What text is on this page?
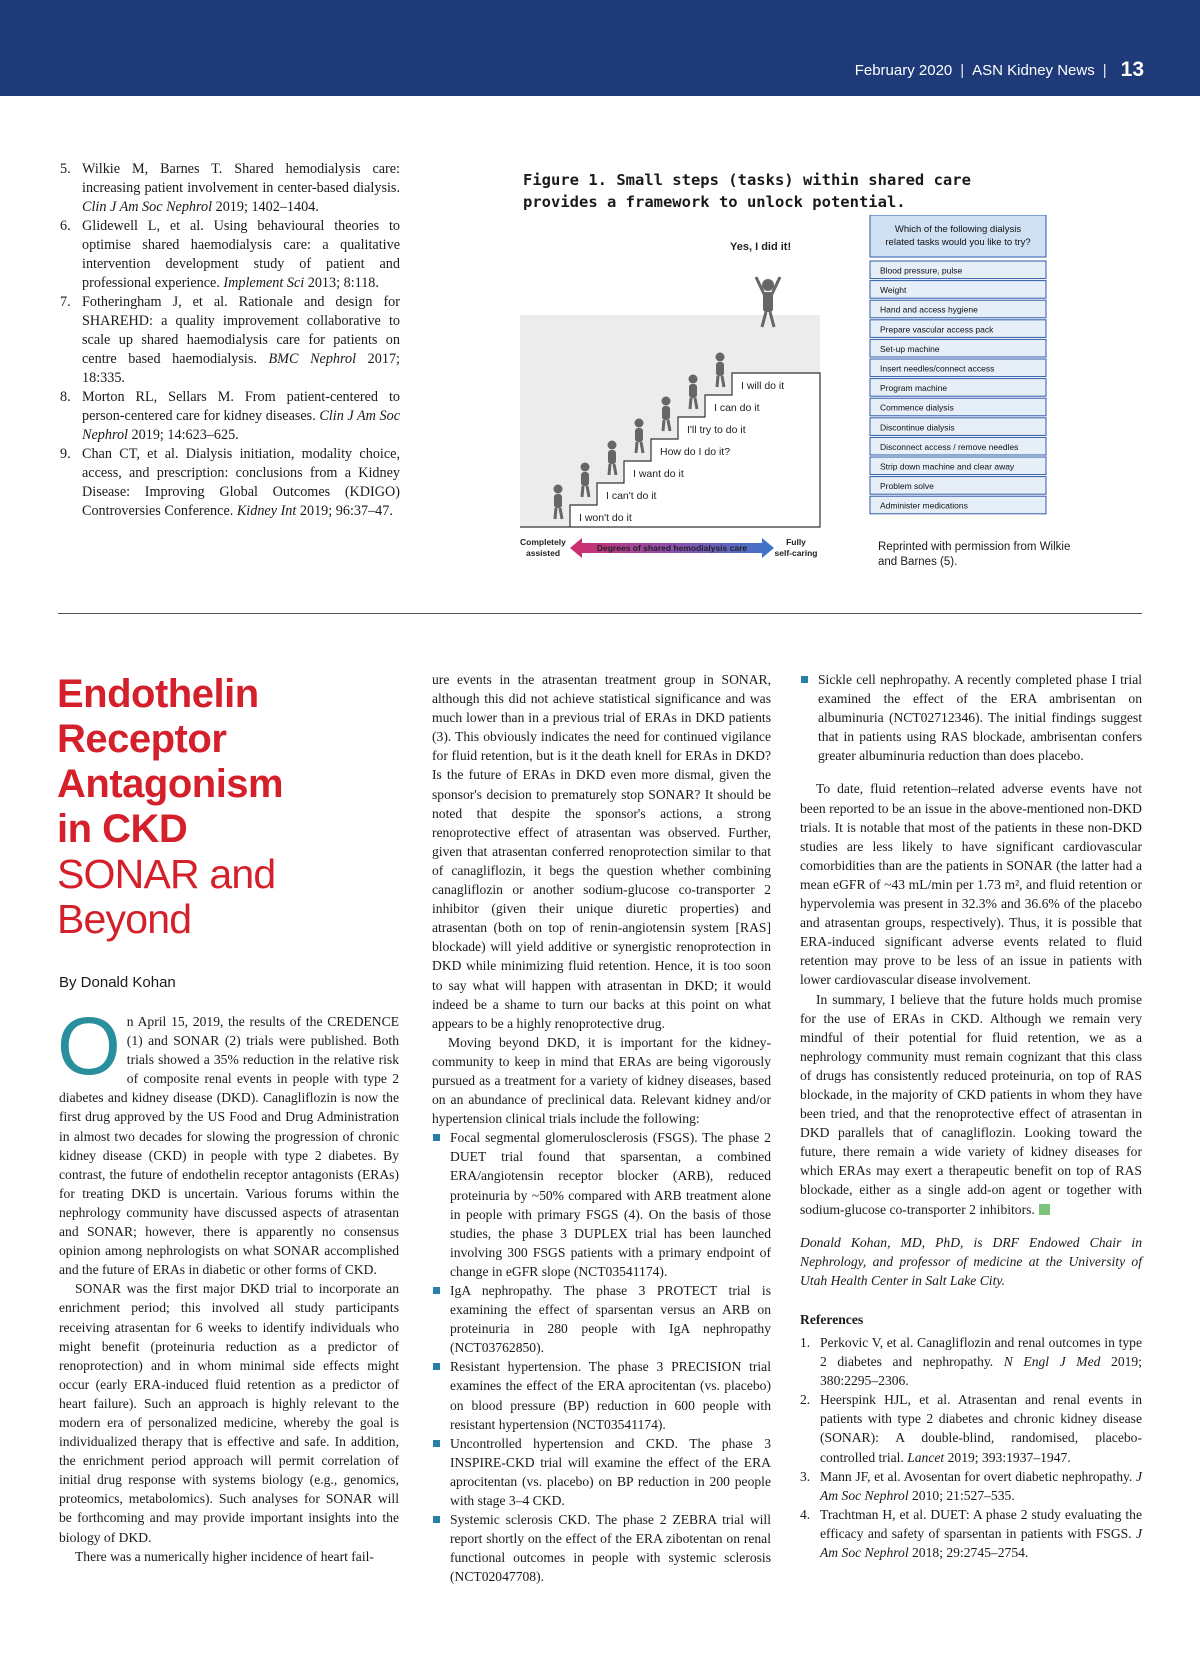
February 2020 | ASN Kidney News | 13
5. Wilkie M, Barnes T. Shared hemodialysis care: increasing patient involvement in center-based dialysis. Clin J Am Soc Nephrol 2019; 1402–1404.
6. Glidewell L, et al. Using behavioural theories to optimise shared haemodialysis care: a qualitative intervention development study of patient and professional experience. Implement Sci 2013; 8:118.
7. Fotheringham J, et al. Rationale and design for SHAREHD: a quality improvement collaborative to scale up shared haemodialysis care for patients on centre based haemodialysis. BMC Nephrol 2017; 18:335.
8. Morton RL, Sellars M. From patient-centered to person-centered care for kidney diseases. Clin J Am Soc Nephrol 2019; 14:623–625.
9. Chan CT, et al. Dialysis initiation, modality choice, access, and prescription: conclusions from a Kidney Disease: Improving Global Outcomes (KDIGO) Controversies Conference. Kidney Int 2019; 96:37–47.
Figure 1. Small steps (tasks) within shared care provides a framework to unlock potential.
I won't do it
I can't do it
I want do it
How do I do it?
I'll try to do it
I can do it
I will do it
Yes, I did it!
Completely
assisted	Degrees of shared hemodialysis care
Fully
self-caring
Which of the following dialysis
related tasks would you like to try?
Blood pressure, pulse
Weight
Hand and access hygiene
Prepare vascular access pack
Set-up machine
Insert needles/connect access
Program machine
Commence dialysis
Discontinue dialysis
Disconnect access / remove needles
Strip down machine and clear away
Problem solve
Administer medications
Reprinted with permission from Wilkie and Barnes (5).
Endothelin
Receptor
Antagonism
in CKD
SONAR and
Beyond
By Donald Kohan

On April 15, 2019, the results of the CREDENCE (1) and SONAR (2) trials were published. Both trials showed a 35% reduction in the relative risk of composite renal events in people with type 2 diabetes and kidney disease (DKD). Canagliflozin is now the first drug approved by the US Food and Drug Administration in almost two decades for slowing the progression of chronic kidney disease (CKD) in people with type 2 diabetes. By contrast, the future of endothelin receptor antagonists (ERAs) for treating DKD is uncertain. Various forums within the nephrology community have discussed aspects of atrasentan and SONAR; however, there is apparently no consensus opinion among nephrologists on what SONAR accomplished and the future of ERAs in diabetic or other forms of CKD.

SONAR was the first major DKD trial to incorporate an enrichment period; this involved all study participants receiving atrasentan for 6 weeks to identify individuals who might benefit (proteinuria reduction as a predictor of renoprotection) and in whom minimal side effects might occur (early ERA-induced fluid retention as a predictor of heart failure). Such an approach is highly relevant to the modern era of personalized medicine, whereby the goal is individualized therapy that is effective and safe. In addition, the enrichment period approach will permit correlation of initial drug response with systems biology (e.g., genomics, proteomics, metabolomics). Such analyses for SONAR will be forthcoming and may provide important insights into the biology of DKD.

There was a numerically higher incidence of heart fail-

ure events in the atrasentan treatment group in SONAR, although this did not achieve statistical significance and was much lower than in a previous trial of ERAs in DKD patients (3). This obviously indicates the need for continued vigilance for fluid retention, but is it the death knell for ERAs in DKD? Is the future of ERAs in DKD even more dismal, given the sponsor's decision to prematurely stop SONAR? It should be noted that despite the sponsor's actions, a strong renoprotective effect of atrasentan was observed. Further, given that atrasentan conferred renoprotection similar to that of canagliflozin, it begs the question whether combining canagliflozin or another sodium-glucose co-transporter 2 inhibitor (given their unique diuretic properties) and atrasentan (both on top of renin-angiotensin system [RAS] blockade) will yield additive or synergistic renoprotection in DKD while minimizing fluid retention. Hence, it is too soon to say what will happen with atrasentan in DKD; it would indeed be a shame to turn our backs at this point on what appears to be a highly renoprotective drug.

Moving beyond DKD, it is important for the kidney-community to keep in mind that ERAs are being vigorously pursued as a treatment for a variety of kidney diseases, based on an abundance of preclinical data. Relevant kidney and/or hypertension clinical trials include the following:

Focal segmental glomerulosclerosis (FSGS). The phase 2 DUET trial found that sparsentan, a combined ERA/angiotensin receptor blocker (ARB), reduced proteinuria by ~50% compared with ARB treatment alone in people with primary FSGS (4). On the basis of those studies, the phase 3 DUPLEX trial has been launched involving 300 FSGS patients with a primary endpoint of change in eGFR slope (NCT03541174).
IgA nephropathy. The phase 3 PROTECT trial is examining the effect of sparsentan versus an ARB on proteinuria in 280 people with IgA nephropathy (NCT03762850).
Resistant hypertension. The phase 3 PRECISION trial examines the effect of the ERA aprocitentan (vs. placebo) on blood pressure (BP) reduction in 600 people with resistant hypertension (NCT03541174).
Uncontrolled hypertension and CKD. The phase 3 INSPIRE-CKD trial will examine the effect of the ERA aprocitentan (vs. placebo) on BP reduction in 200 people with stage 3–4 CKD.
Systemic sclerosis CKD. The phase 2 ZEBRA trial will report shortly on the effect of the ERA zibotentan on renal functional outcomes in people with systemic sclerosis (NCT02047708).
Sickle cell nephropathy. A recently completed phase I trial examined the effect of the ERA ambrisentan on albuminuria (NCT02712346). The initial findings suggest that in patients using RAS blockade, ambrisentan confers greater albuminuria reduction than does placebo.

To date, fluid retention–related adverse events have not been reported to be an issue in the above-mentioned non-DKD trials. It is notable that most of the patients in these non-DKD studies are less likely to have significant cardiovascular comorbidities than are the patients in SONAR (the latter had a mean eGFR of ~43 mL/min per 1.73 m², and fluid retention or hypervolemia was present in 32.3% and 36.6% of the placebo and atrasentan groups, respectively). Thus, it is possible that ERA-induced significant adverse events related to fluid retention may prove to be less of an issue in patients with lower cardiovascular disease involvement.

In summary, I believe that the future holds much promise for the use of ERAs in CKD. Although we remain very mindful of their potential for fluid retention, we as a nephrology community must remain cognizant that this class of drugs has consistently reduced proteinuria, on top of RAS blockade, in the majority of CKD patients in whom they have been tried, and that the renoprotective effect of atrasentan in DKD parallels that of canagliflozin. Looking toward the future, there remain a wide variety of kidney diseases for which ERAs may exert a therapeutic benefit on top of RAS blockade, either as a single add-on agent or together with sodium-glucose co-transporter 2 inhibitors.

Donald Kohan, MD, PhD, is DRF Endowed Chair in Nephrology, and professor of medicine at the University of Utah Health Center in Salt Lake City.

References
1. Perkovic V, et al. Canagliflozin and renal outcomes in type 2 diabetes and nephropathy. N Engl J Med 2019; 380:2295–2306.
2. Heerspink HJL, et al. Atrasentan and renal events in patients with type 2 diabetes and chronic kidney disease (SONAR): A double-blind, randomised, placebo-controlled trial. Lancet 2019; 393:1937–1947.
3. Mann JF, et al. Avosentan for overt diabetic nephropathy. J Am Soc Nephrol 2010; 21:527–535.
4. Trachtman H, et al. DUET: A phase 2 study evaluating the efficacy and safety of sparsentan in patients with FSGS. J Am Soc Nephrol 2018; 29:2745–2754.
